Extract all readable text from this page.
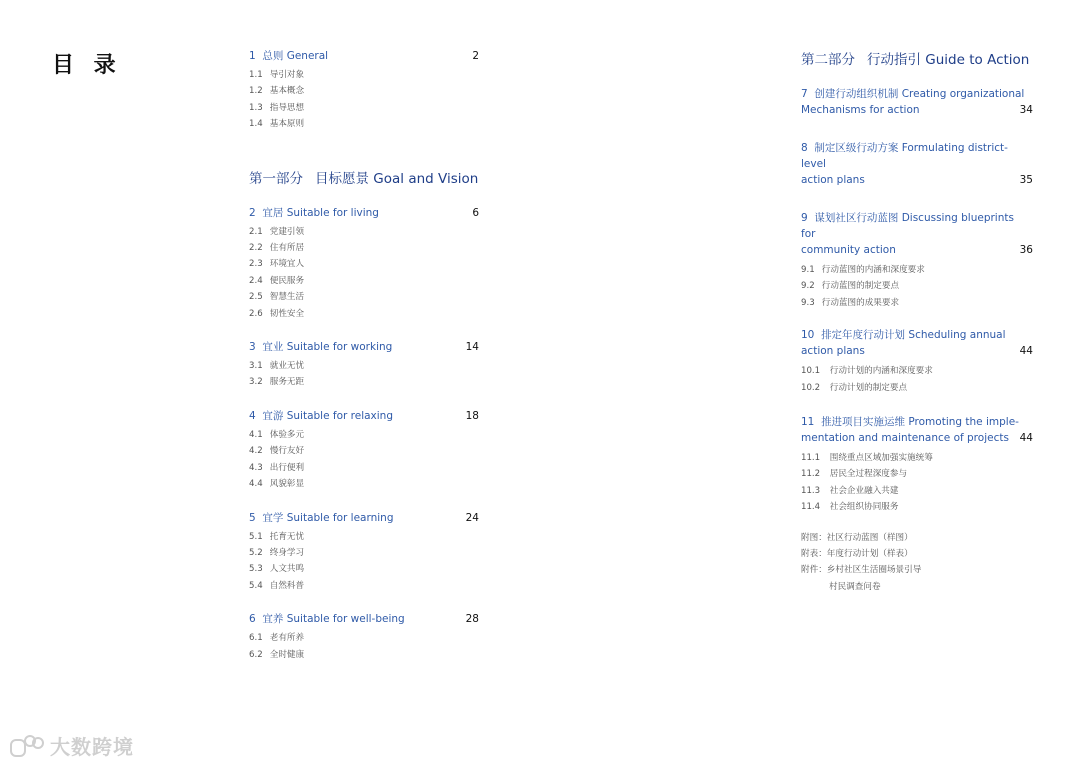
目 录	1 总则 General	2
1.1 导引对象
1.2 基本概念
1.3 指导思想
1.4 基本原则
第一部分 目标愿景 Goal and Vision
2 宜居 Suitable for living	6
2.1 党建引领
2.2 住有所居
2.3 环境宜人
2.4 便民服务
2.5 智慧生活
2.6 韧性安全
3 宜业 Suitable for working	14
3.1 就业无忧
3.2 服务无距
4 宜游 Suitable for relaxing	18
4.1 体验多元
4.2 慢行友好
4.3 出行便利
4.4 风貌彰显
5 宜学 Suitable for learning	24
5.1 托育无忧
5.2 终身学习
5.3 人文共鸣
5.4 自然科普
6 宜养 Suitable for well-being	28
6.1 老有所养
6.2 全时健康
第二部分 行动指引 Guide to Action
7 创建行动组织机制 Creating organizational
Mechanisms for action	34
8 制定区级行动方案 Formulating district-level
action plans	35
9 谋划社区行动蓝图 Discussing blueprints for
community action	36
9.1 行动蓝图的内涵和深度要求
9.2 行动蓝图的制定要点
9.3 行动蓝图的成果要求
10 排定年度行动计划 Scheduling annual
action plans	44
10.1 行动计划的内涵和深度要求
10.2 行动计划的制定要点
11 推进项目实施运维 Promoting the imple-
mentation and maintenance of projects	44
11.1 围绕重点区域加强实施统筹
11.2 居民全过程深度参与
11.3 社会企业融入共建
11.4 社会组织协同服务
附图：社区行动蓝图（样图）
附表：年度行动计划（样表）
附件：乡村社区生活圈场景引导
村民调查问卷
大数跨境
